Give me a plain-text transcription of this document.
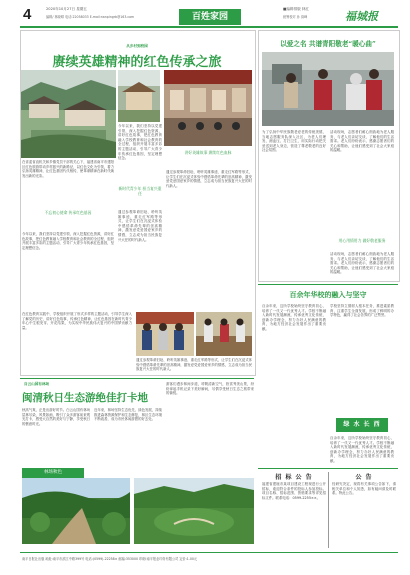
4	2020年10月27日 星期五
编辑/ 林晓晴 电话:22058033 E-mail:nanpingrb@163.com	百姓家园
■编辑排版 林红
统筹校对 孙 韵峰	福城报
从乡村到校园
赓续英雄精神的红色传承之旅
在省委省直机关和乡镇党员干部的关心下，福建省南平市建阳区红色旅游带动乡村振兴的新路径，以红色文化为引领，着力弘扬英雄精神，让红色基因代代相传，使革命精神在新时代焕发出新的光彩。
不忘初心使命 传承红色基因
今年以来，我们坚持以党建引领，深入挖掘红色资源，讲好红色故事，把红色教育融入学校教育和社会教育的全过程，组织开展丰富多彩的主题活动，引导广大青少年传承红色基因，坚定理想信念。
今年以来，我们坚持以党建引领，深入挖掘红色资源，讲好红色故事，把红色教育融入学校教育和社会教育的全过程，组织开展丰富多彩的主题活动，引导广大青少年传承红色基因，坚定理想信念。
新时代青少年 担当复兴重任
通过参观革命旧址、聆听英雄事迹、重走红军路等形式，让学生们在沉浸式体验中感悟革命先辈的崇高精神，激发爱党爱国爱家乡的情感，立志成为担当民族复兴大任的时代新人。
讲好英雄故事 赓续红色血脉
通过参观革命旧址、聆听英雄事迹、重走红军路等形式，让学生们在沉浸式体验中感悟革命先辈的崇高精神，激发爱党爱国爱家乡的情感，立志成为担当民族复兴大任的时代新人。
在红色教育实践中，学校组织开展了形式多样的主题活动，引导学生深入了解党的历史，讲好红色故事，传承红色精神，让红色基因在新时代青少年心中生根发芽、开花结果，为实现中华民族伟大复兴的中国梦贡献力量。
通过参观革命旧址、聆听英雄事迹、重走红军路等形式，让学生们在沉浸式体验中感悟革命先辈的崇高精神，激发爱党爱国爱家乡的情感，立志成为担当民族复兴大任的时代新人。
以爱之名 共谱青阳敬老“暖心曲”
为了弘扬中华民族敬老爱老的传统美德，当地志愿服务队深入社区，为老人们理发、测血压、打扫卫生，用实际行动把关爱送到老人身边，营造了尊老敬老的良好社会氛围。
活动现场，志愿者们耐心细致地为老人服务，与老人们亲切交谈，了解他们的生活需求。老人们纷纷表示，感谢志愿者们的关心和帮助，让他们感受到了社会大家庭的温暖。
用心用情用力 做好敬老服务
活动现场，志愿者们耐心细致地为老人服务，与老人们亲切交谈，了解他们的生活需求。老人们纷纷表示，感谢志愿者们的关心和帮助，让他们感受到了社会大家庭的温暖。
百余年华校的融入与坚守
百余年来，这所学校始终坚守教育初心，培养了一代又一代优秀人才。学校不断融入新时代发展潮流，传承优秀文化传统，创新办学理念，努力办好人民满意的教育，为地方经济社会发展作出了重要贡献。
学校坚持立德树人根本任务，推进素质教育，注重学生全面发展，形成了鲜明的办学特色，赢得了社会各界的广泛赞誉。
绿 水 长 西
百余年来，这所学校始终坚守教育初心，培养了一代又一代优秀人才。学校不断融入新时代发展潮流，传承优秀文化传统，创新办学理念，努力办好人民满意的教育，为地方经济社会发展作出了重要贡献。
自云山国有林场
闽清秋日生态游绝佳打卡地
秋高气爽，正是出游好时节。白云山国有林场层林尽染，风景如画，吸引了众多游客前来观光打卡，感受大自然的美好与宁静，享受秋日的惬意时光。
近年来，林场坚持生态优先、绿色发展，持续推进森林资源保护和生态修复，林区生态环境不断改善，成为市民休闲游憩的好去处。
游客们漫步林间步道，呼吸清新空气，欣赏秀美山景，纷纷拿起手机记录下美好瞬间，尽情享受秋日生态之旅带来的愉悦。
林场秋色
招 标 公 告
福建省建瓯市某项目建设工程现进行公开招标，欢迎符合条件的投标人参加投标。项目名称、招标范围、资格要求等详见招标文件。联系电话：0599-2255××。
公 告
经研究决定，现将有关事项公告如下，请相关单位和个人知悉，如有疑问请及时联系。特此公告。
南平日报社出版 地址:南平市滨江中路399号 电话:(0599)-22258× 邮编:353000 印刷:南平报业印务有限公司 定价:1.00元
